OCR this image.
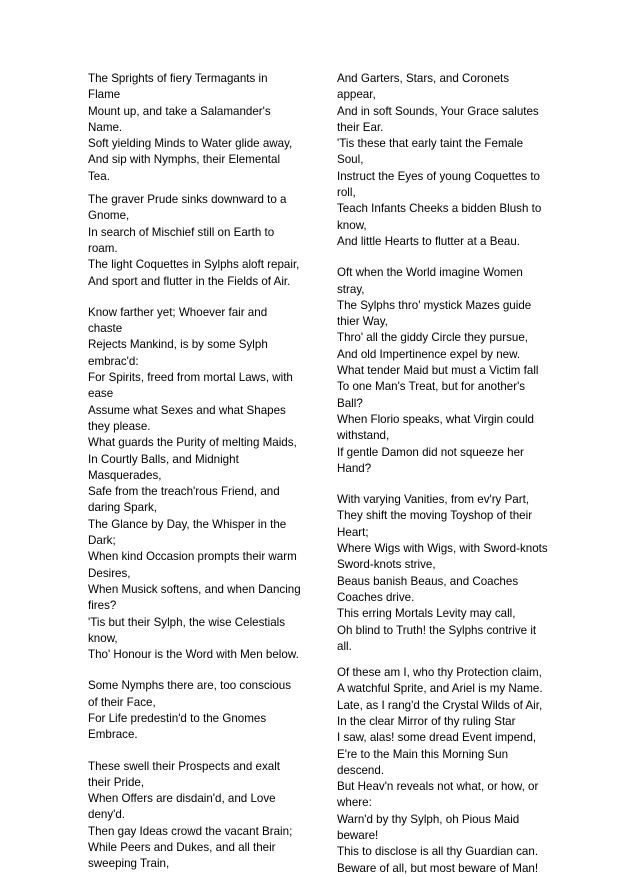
The Sprights of fiery Termagants in
Flame
Mount up, and take a Salamander's
Name.
Soft yielding Minds to Water glide away,
And sip with Nymphs, their Elemental
Tea.
The graver Prude sinks downward to a
Gnome,
In search of Mischief still on Earth to
roam.
The light Coquettes in Sylphs aloft repair,
And sport and flutter in the Fields of Air.
Know farther yet; Whoever fair and
chaste
Rejects Mankind, is by some Sylph
embrac'd:
For Spirits, freed from mortal Laws, with
ease
Assume what Sexes and what Shapes
they please.
What guards the Purity of melting Maids,
In Courtly Balls, and Midnight
Masquerades,
Safe from the treach'rous Friend, and
daring Spark,
The Glance by Day, the Whisper in the
Dark;
When kind Occasion prompts their warm
Desires,
When Musick softens, and when Dancing
fires?
'Tis but their Sylph, the wise Celestials
know,
Tho' Honour is the Word with Men below.
Some Nymphs there are, too conscious
of their Face,
For Life predestin'd to the Gnomes
Embrace.
These swell their Prospects and exalt
their Pride,
When Offers are disdain'd, and Love
deny'd.
Then gay Ideas crowd the vacant Brain;
While Peers and Dukes, and all their
sweeping Train,
And Garters, Stars, and Coronets
appear,
And in soft Sounds, Your Grace salutes
their Ear.
'Tis these that early taint the Female
Soul,
Instruct the Eyes of young Coquettes to
roll,
Teach Infants Cheeks a bidden Blush to
know,
And little Hearts to flutter at a Beau.
Oft when the World imagine Women
stray,
The Sylphs thro' mystick Mazes guide
thier Way,
Thro' all the giddy Circle they pursue,
And old Impertinence expel by new.
What tender Maid but must a Victim fall
To one Man's Treat, but for another's
Ball?
When Florio speaks, what Virgin could
withstand,
If gentle Damon did not squeeze her
Hand?
With varying Vanities, from ev'ry Part,
They shift the moving Toyshop of their
Heart;
Where Wigs with Wigs, with Sword-knots
Sword-knots strive,
Beaus banish Beaus, and Coaches
Coaches drive.
This erring Mortals Levity may call,
Oh blind to Truth! the Sylphs contrive it
all.
Of these am I, who thy Protection claim,
A watchful Sprite, and Ariel is my Name.
Late, as I rang'd the Crystal Wilds of Air,
In the clear Mirror of thy ruling Star
I saw, alas! some dread Event impend,
E're to the Main this Morning Sun
descend.
But Heav'n reveals not what, or how, or
where:
Warn'd by thy Sylph, oh Pious Maid
beware!
This to disclose is all thy Guardian can.
Beware of all, but most beware of Man!
